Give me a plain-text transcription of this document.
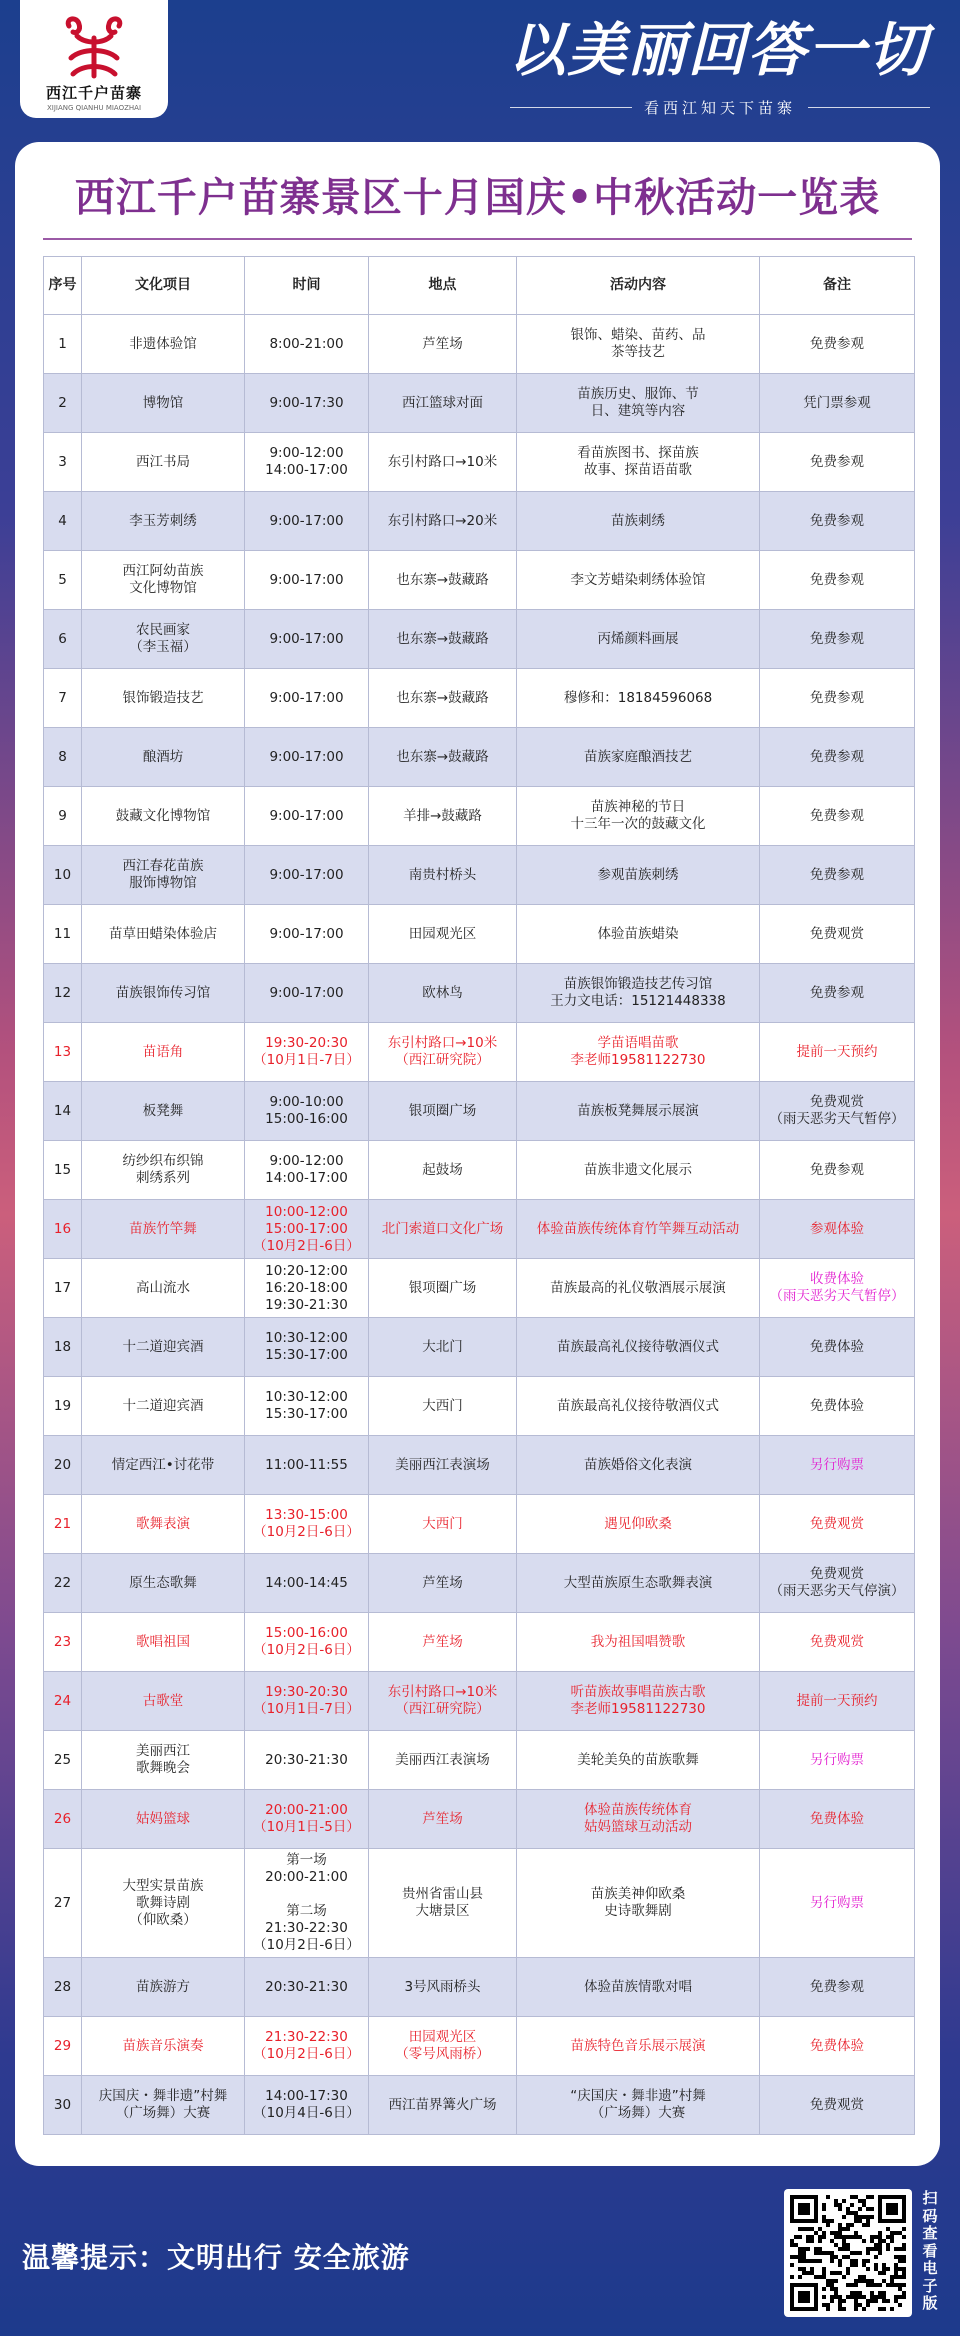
西江千户苗寨
XIJIANG QIANHU MIAOZHAI
以美丽回答一切
看西江知天下苗寨
西江千户苗寨景区十月国庆•中秋活动一览表
序号	文化项目	时间	地点	活动内容	备注
1	非遗体验馆	8:00-21:00	芦笙场	银饰、蜡染、苗药、品
茶等技艺	免费参观
2	博物馆	9:00-17:30	西江篮球对面	苗族历史、服饰、节
日、建筑等内容	凭门票参观
3	西江书局	9:00-12:00
14:00-17:00	东引村路口→10米	看苗族图书、探苗族
故事、探苗语苗歌	免费参观
4	李玉芳刺绣	9:00-17:00	东引村路口→20米	苗族刺绣	免费参观
5	西江阿幼苗族
文化博物馆	9:00-17:00	也东寨→鼓藏路	李文芳蜡染刺绣体验馆	免费参观
6	农民画家
（李玉福）	9:00-17:00	也东寨→鼓藏路	丙烯颜料画展	免费参观
7	银饰锻造技艺	9:00-17:00	也东寨→鼓藏路	穆修和：18184596068	免费参观
8	酿酒坊	9:00-17:00	也东寨→鼓藏路	苗族家庭酿酒技艺	免费参观
9	鼓藏文化博物馆	9:00-17:00	羊排→鼓藏路	苗族神秘的节日
十三年一次的鼓藏文化	免费参观
10	西江春花苗族
服饰博物馆	9:00-17:00	南贵村桥头	参观苗族刺绣	免费参观
11	苗草田蜡染体验店	9:00-17:00	田园观光区	体验苗族蜡染	免费观赏
12	苗族银饰传习馆	9:00-17:00	欧林鸟	苗族银饰锻造技艺传习馆
王力文电话：15121448338	免费参观
13	苗语角	19:30-20:30
（10月1日-7日）	东引村路口→10米
（西江研究院）	学苗语唱苗歌
李老师19581122730	提前一天预约
14	板凳舞	9:00-10:00
15:00-16:00	银项圈广场	苗族板凳舞展示展演	免费观赏
（雨天恶劣天气暂停）
15	纺纱织布织锦
刺绣系列	9:00-12:00
14:00-17:00	起鼓场	苗族非遗文化展示	免费参观
16	苗族竹竿舞	10:00-12:00
15:00-17:00
（10月2日-6日）	北门索道口文化广场	体验苗族传统体育竹竿舞互动活动	参观体验
17	高山流水	10:20-12:00
16:20-18:00
19:30-21:30	银项圈广场	苗族最高的礼仪敬酒展示展演	收费体验
（雨天恶劣天气暂停）
18	十二道迎宾酒	10:30-12:00
15:30-17:00	大北门	苗族最高礼仪接待敬酒仪式	免费体验
19	十二道迎宾酒	10:30-12:00
15:30-17:00	大西门	苗族最高礼仪接待敬酒仪式	免费体验
20	情定西江•讨花带	11:00-11:55	美丽西江表演场	苗族婚俗文化表演	另行购票
21	歌舞表演	13:30-15:00
（10月2日-6日）	大西门	遇见仰欧桑	免费观赏
22	原生态歌舞	14:00-14:45	芦笙场	大型苗族原生态歌舞表演	免费观赏
（雨天恶劣天气停演）
23	歌唱祖国	15:00-16:00
（10月2日-6日）	芦笙场	我为祖国唱赞歌	免费观赏
24	古歌堂	19:30-20:30
（10月1日-7日）	东引村路口→10米
（西江研究院）	听苗族故事唱苗族古歌
李老师19581122730	提前一天预约
25	美丽西江
歌舞晚会	20:30-21:30	美丽西江表演场	美轮美奂的苗族歌舞	另行购票
26	姑妈篮球	20:00-21:00
（10月1日-5日）	芦笙场	体验苗族传统体育
姑妈篮球互动活动	免费体验
27	大型实景苗族
歌舞诗剧
（仰欧桑）	第一场
20:00-21:00

第二场
21:30-22:30
（10月2日-6日）	贵州省雷山县
大塘景区	苗族美神仰欧桑
史诗歌舞剧	另行购票
28	苗族游方	20:30-21:30	3号风雨桥头	体验苗族情歌对唱	免费参观
29	苗族音乐演奏	21:30-22:30
（10月2日-6日）	田园观光区
（零号风雨桥）	苗族特色音乐展示展演	免费体验
30	庆国庆・舞非遗”村舞
（广场舞）大赛	14:00-17:30
（10月4日-6日）	西江苗界篝火广场	“庆国庆・舞非遗”村舞
（广场舞）大赛	免费观赏
温馨提示：文明出行 安全旅游
扫码查看电子版
